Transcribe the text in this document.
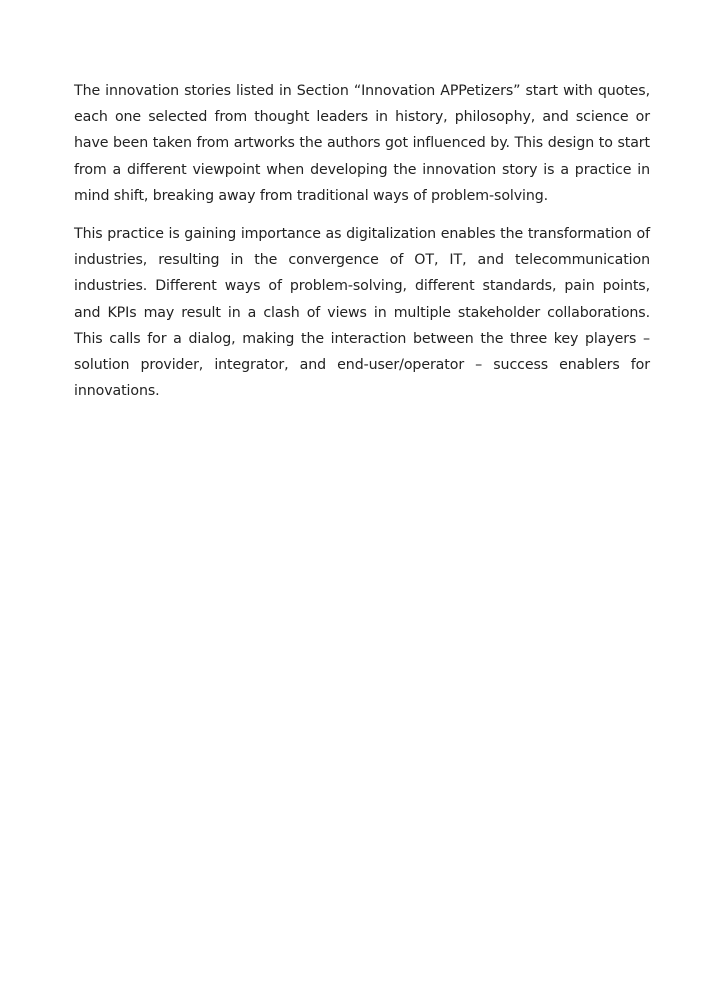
The innovation stories listed in Section “Innovation APPetizers” start with quotes, each one selected from thought leaders in history, philosophy, and science or have been taken from artworks the authors got influenced by. This design to start from a different viewpoint when developing the innovation story is a practice in mind shift, breaking away from traditional ways of problem-solving.

This practice is gaining importance as digitalization enables the transformation of industries, resulting in the convergence of OT, IT, and telecommunication industries. Different ways of problem-solving, different standards, pain points, and KPIs may result in a clash of views in multiple stakeholder collaborations. This calls for a dialog, making the interaction between the three key players – solution provider, integrator, and end-user/operator – success enablers for innovations.
